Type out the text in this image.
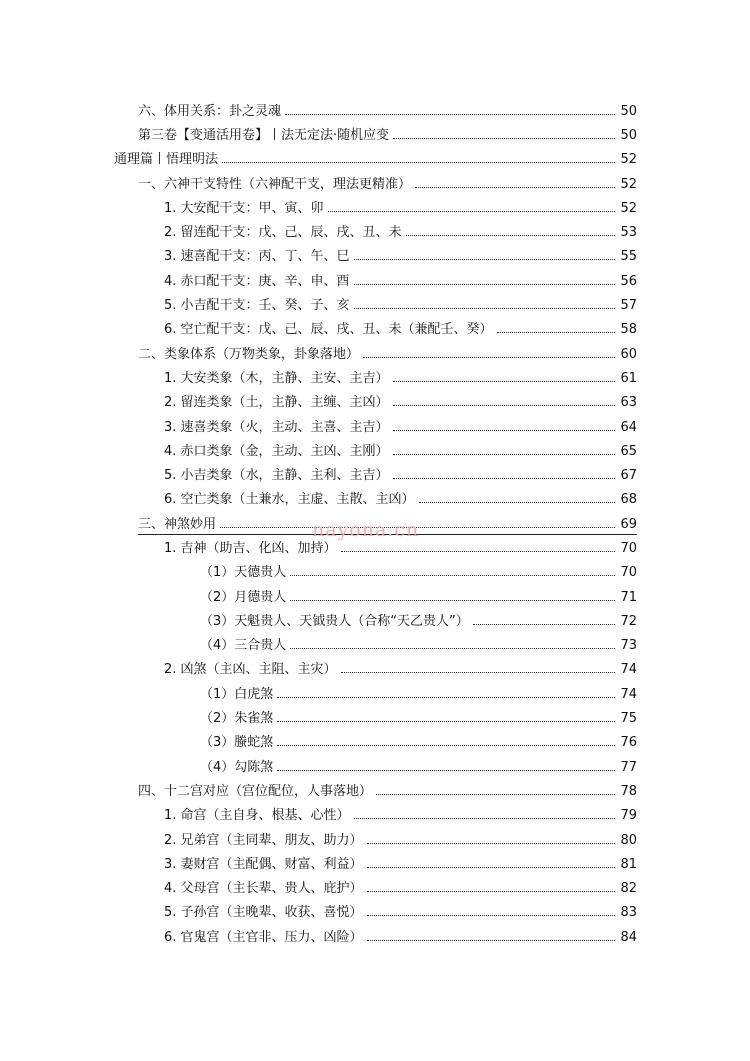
六、体用关系：卦之灵魂	50
第三卷【变通活用卷】丨法无定法·随机应变	50
通理篇丨悟理明法	52
一、六神干支特性（六神配干支，理法更精准）	52
1. 大安配干支：甲、寅、卯	52
2. 留连配干支：戊、己、辰、戌、丑、未	53
3. 速喜配干支：丙、丁、午、巳	55
4. 赤口配干支：庚、辛、申、酉	56
5. 小吉配干支：壬、癸、子、亥	57
6. 空亡配干支：戊、己、辰、戌、丑、未（兼配壬、癸）	58
二、类象体系（万物类象，卦象落地）	60
1. 大安类象（木，主静、主安、主吉）	61
2. 留连类象（土，主静、主缠、主凶）	63
3. 速喜类象（火，主动、主喜、主吉）	64
4. 赤口类象（金，主动、主凶、主刚）	65
5. 小吉类象（水，主静、主利、主吉）	67
6. 空亡类象（土兼水，主虚、主散、主凶）	68
三、神煞妙用	69
1. 吉神（助吉、化凶、加持）	70
（1）天德贵人	70
（2）月德贵人	71
（3）天魁贵人、天钺贵人（合称“天乙贵人”）	72
（4）三合贵人	73
2. 凶煞（主凶、主阻、主灾）	74
（1）白虎煞	74
（2）朱雀煞	75
（3）螣蛇煞	76
（4）勾陈煞	77
四、十二宫对应（宫位配位，人事落地）	78
1. 命宫（主自身、根基、心性）	79
2. 兄弟宫（主同辈、朋友、助力）	80
3. 妻财宫（主配偶、财富、利益）	81
4. 父母宫（主长辈、贵人、庇护）	82
5. 子孙宫（主晚辈、收获、喜悦）	83
6. 官鬼宫（主官非、压力、凶险）	84
nayona.cn
